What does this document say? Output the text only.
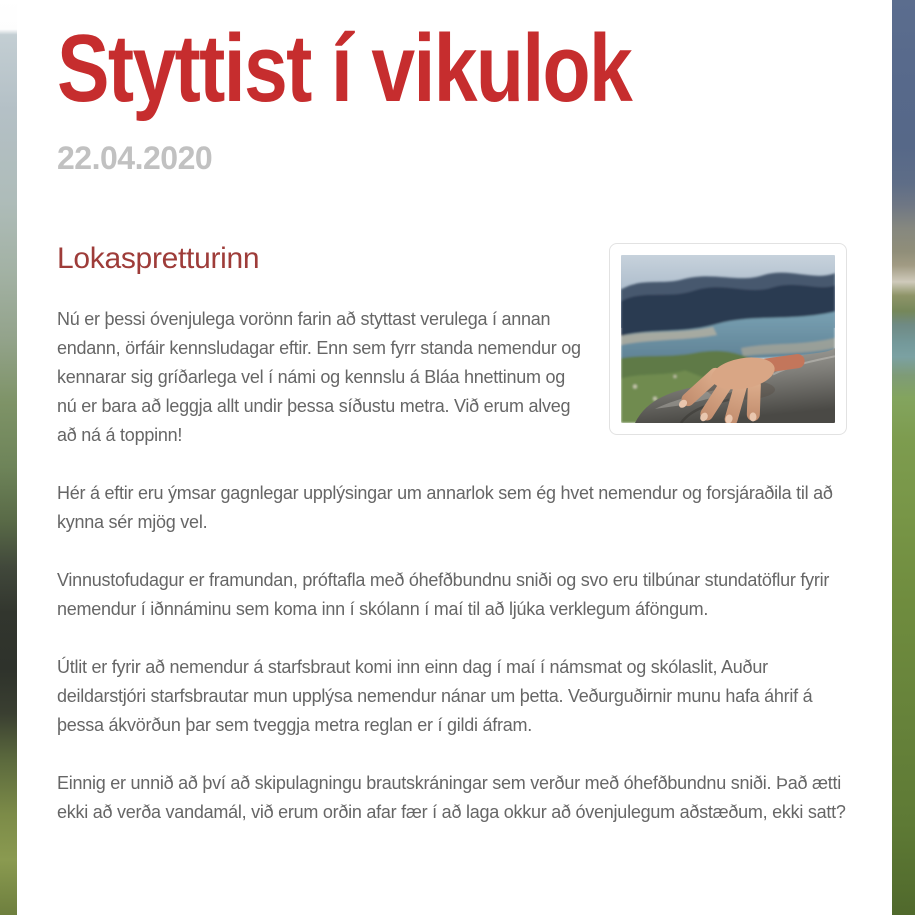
Styttist í vikulok
22.04.2020
Lokaspretturinn

Nú er þessi óvenjulega vorönn farin að styttast verulega í annan endann, örfáir kennsludagar eftir. Enn sem fyrr standa nemendur og kennarar sig gríðarlega vel í námi og kennslu á Bláa hnettinum og nú er bara að leggja allt undir þessa síðustu metra. Við erum alveg að ná á toppinn!

Hér á eftir eru ýmsar gagnlegar upplýsingar um annarlok sem ég hvet nemendur og forsjáraðila til að kynna sér mjög vel.

Vinnustofudagur er framundan, próftafla með óhefðbundnu sniði og svo eru tilbúnar stundatöflur fyrir nemendur í iðnnáminu sem koma inn í skólann í maí til að ljúka verklegum áföngum.

Útlit er fyrir að nemendur á starfsbraut komi inn einn dag í maí í námsmat og skólaslit, Auður deildarstjóri starfsbrautar mun upplýsa nemendur nánar um þetta. Veðurguðirnir munu hafa áhrif á þessa ákvörðun þar sem tveggja metra reglan er í gildi áfram.

Einnig er unnið að því að skipulagningu brautskráningar sem verður með óhefðbundnu sniði. Það ætti ekki að verða vandamál, við erum orðin afar fær í að laga okkur að óvenjulegum aðstæðum, ekki satt?
